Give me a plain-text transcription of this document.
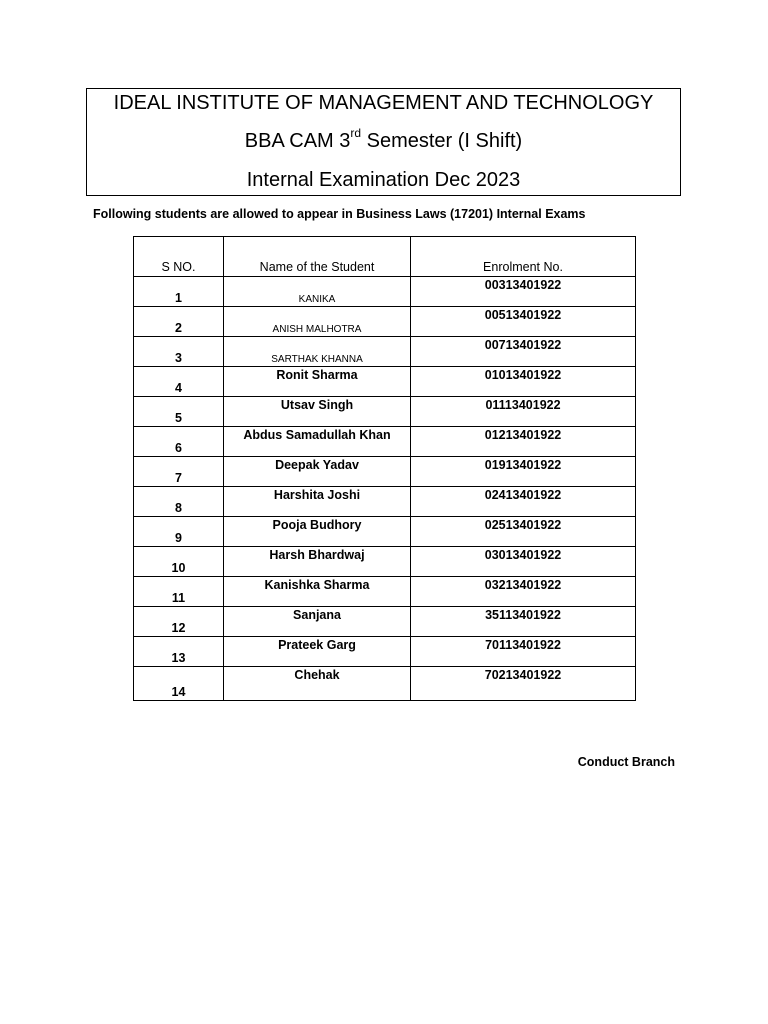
IDEAL INSTITUTE OF MANAGEMENT AND TECHNOLOGY
BBA CAM 3rd Semester (I Shift)
Internal Examination Dec 2023
Following students are allowed to appear in Business Laws (17201) Internal Exams
S NO.	Name of the Student	Enrolment No.

1	KANIKA	00313401922

2	ANISH MALHOTRA	00513401922

3	SARTHAK KHANNA	00713401922

4	Ronit Sharma	01013401922

5	Utsav Singh	01113401922

6	Abdus Samadullah Khan	01213401922

7	Deepak Yadav	01913401922

8	Harshita Joshi	02413401922

9	Pooja Budhory	02513401922

10	Harsh Bhardwaj	03013401922

11	Kanishka Sharma	03213401922

12	Sanjana	35113401922

13	Prateek Garg	70113401922

14	Chehak	70213401922
Conduct Branch
